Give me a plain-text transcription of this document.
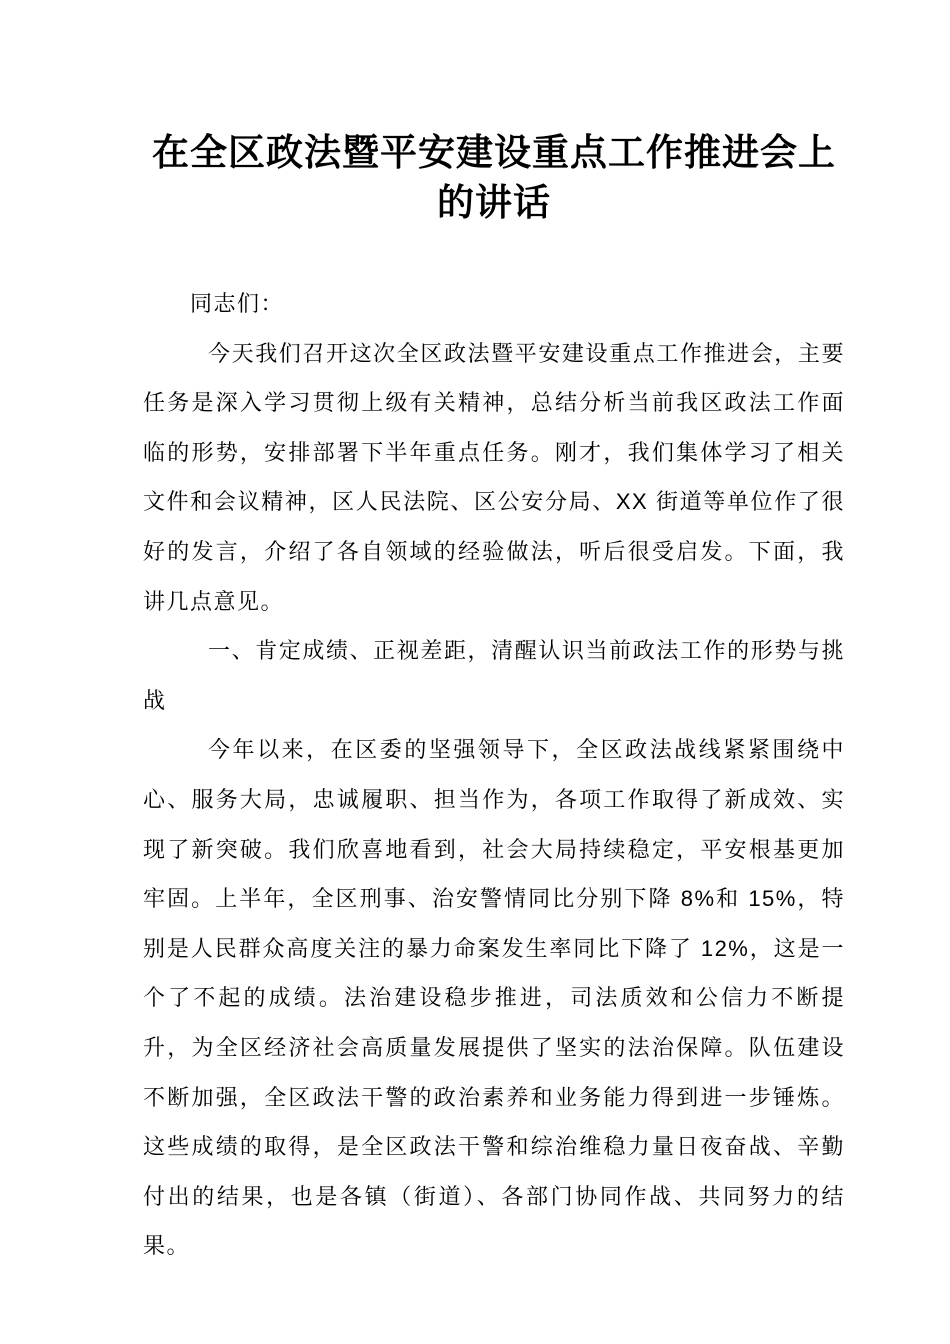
在全区政法暨平安建设重点工作推进会上的讲话

同志们：

今天我们召开这次全区政法暨平安建设重点工作推进会，主要任务是深入学习贯彻上级有关精神，总结分析当前我区政法工作面临的形势，安排部署下半年重点任务。刚才，我们集体学习了相关文件和会议精神，区人民法院、区公安分局、XX 街道等单位作了很好的发言，介绍了各自领域的经验做法，听后很受启发。下面，我讲几点意见。

一、肯定成绩、正视差距，清醒认识当前政法工作的形势与挑战

今年以来，在区委的坚强领导下，全区政法战线紧紧围绕中心、服务大局，忠诚履职、担当作为，各项工作取得了新成效、实现了新突破。我们欣喜地看到，社会大局持续稳定，平安根基更加牢固。上半年，全区刑事、治安警情同比分别下降 8%和 15%，特别是人民群众高度关注的暴力命案发生率同比下降了 12%，这是一个了不起的成绩。法治建设稳步推进，司法质效和公信力不断提升，为全区经济社会高质量发展提供了坚实的法治保障。队伍建设不断加强，全区政法干警的政治素养和业务能力得到进一步锤炼。这些成绩的取得，是全区政法干警和综治维稳力量日夜奋战、辛勤付出的结果，也是各镇（街道）、各部门协同作战、共同努力的结果。
